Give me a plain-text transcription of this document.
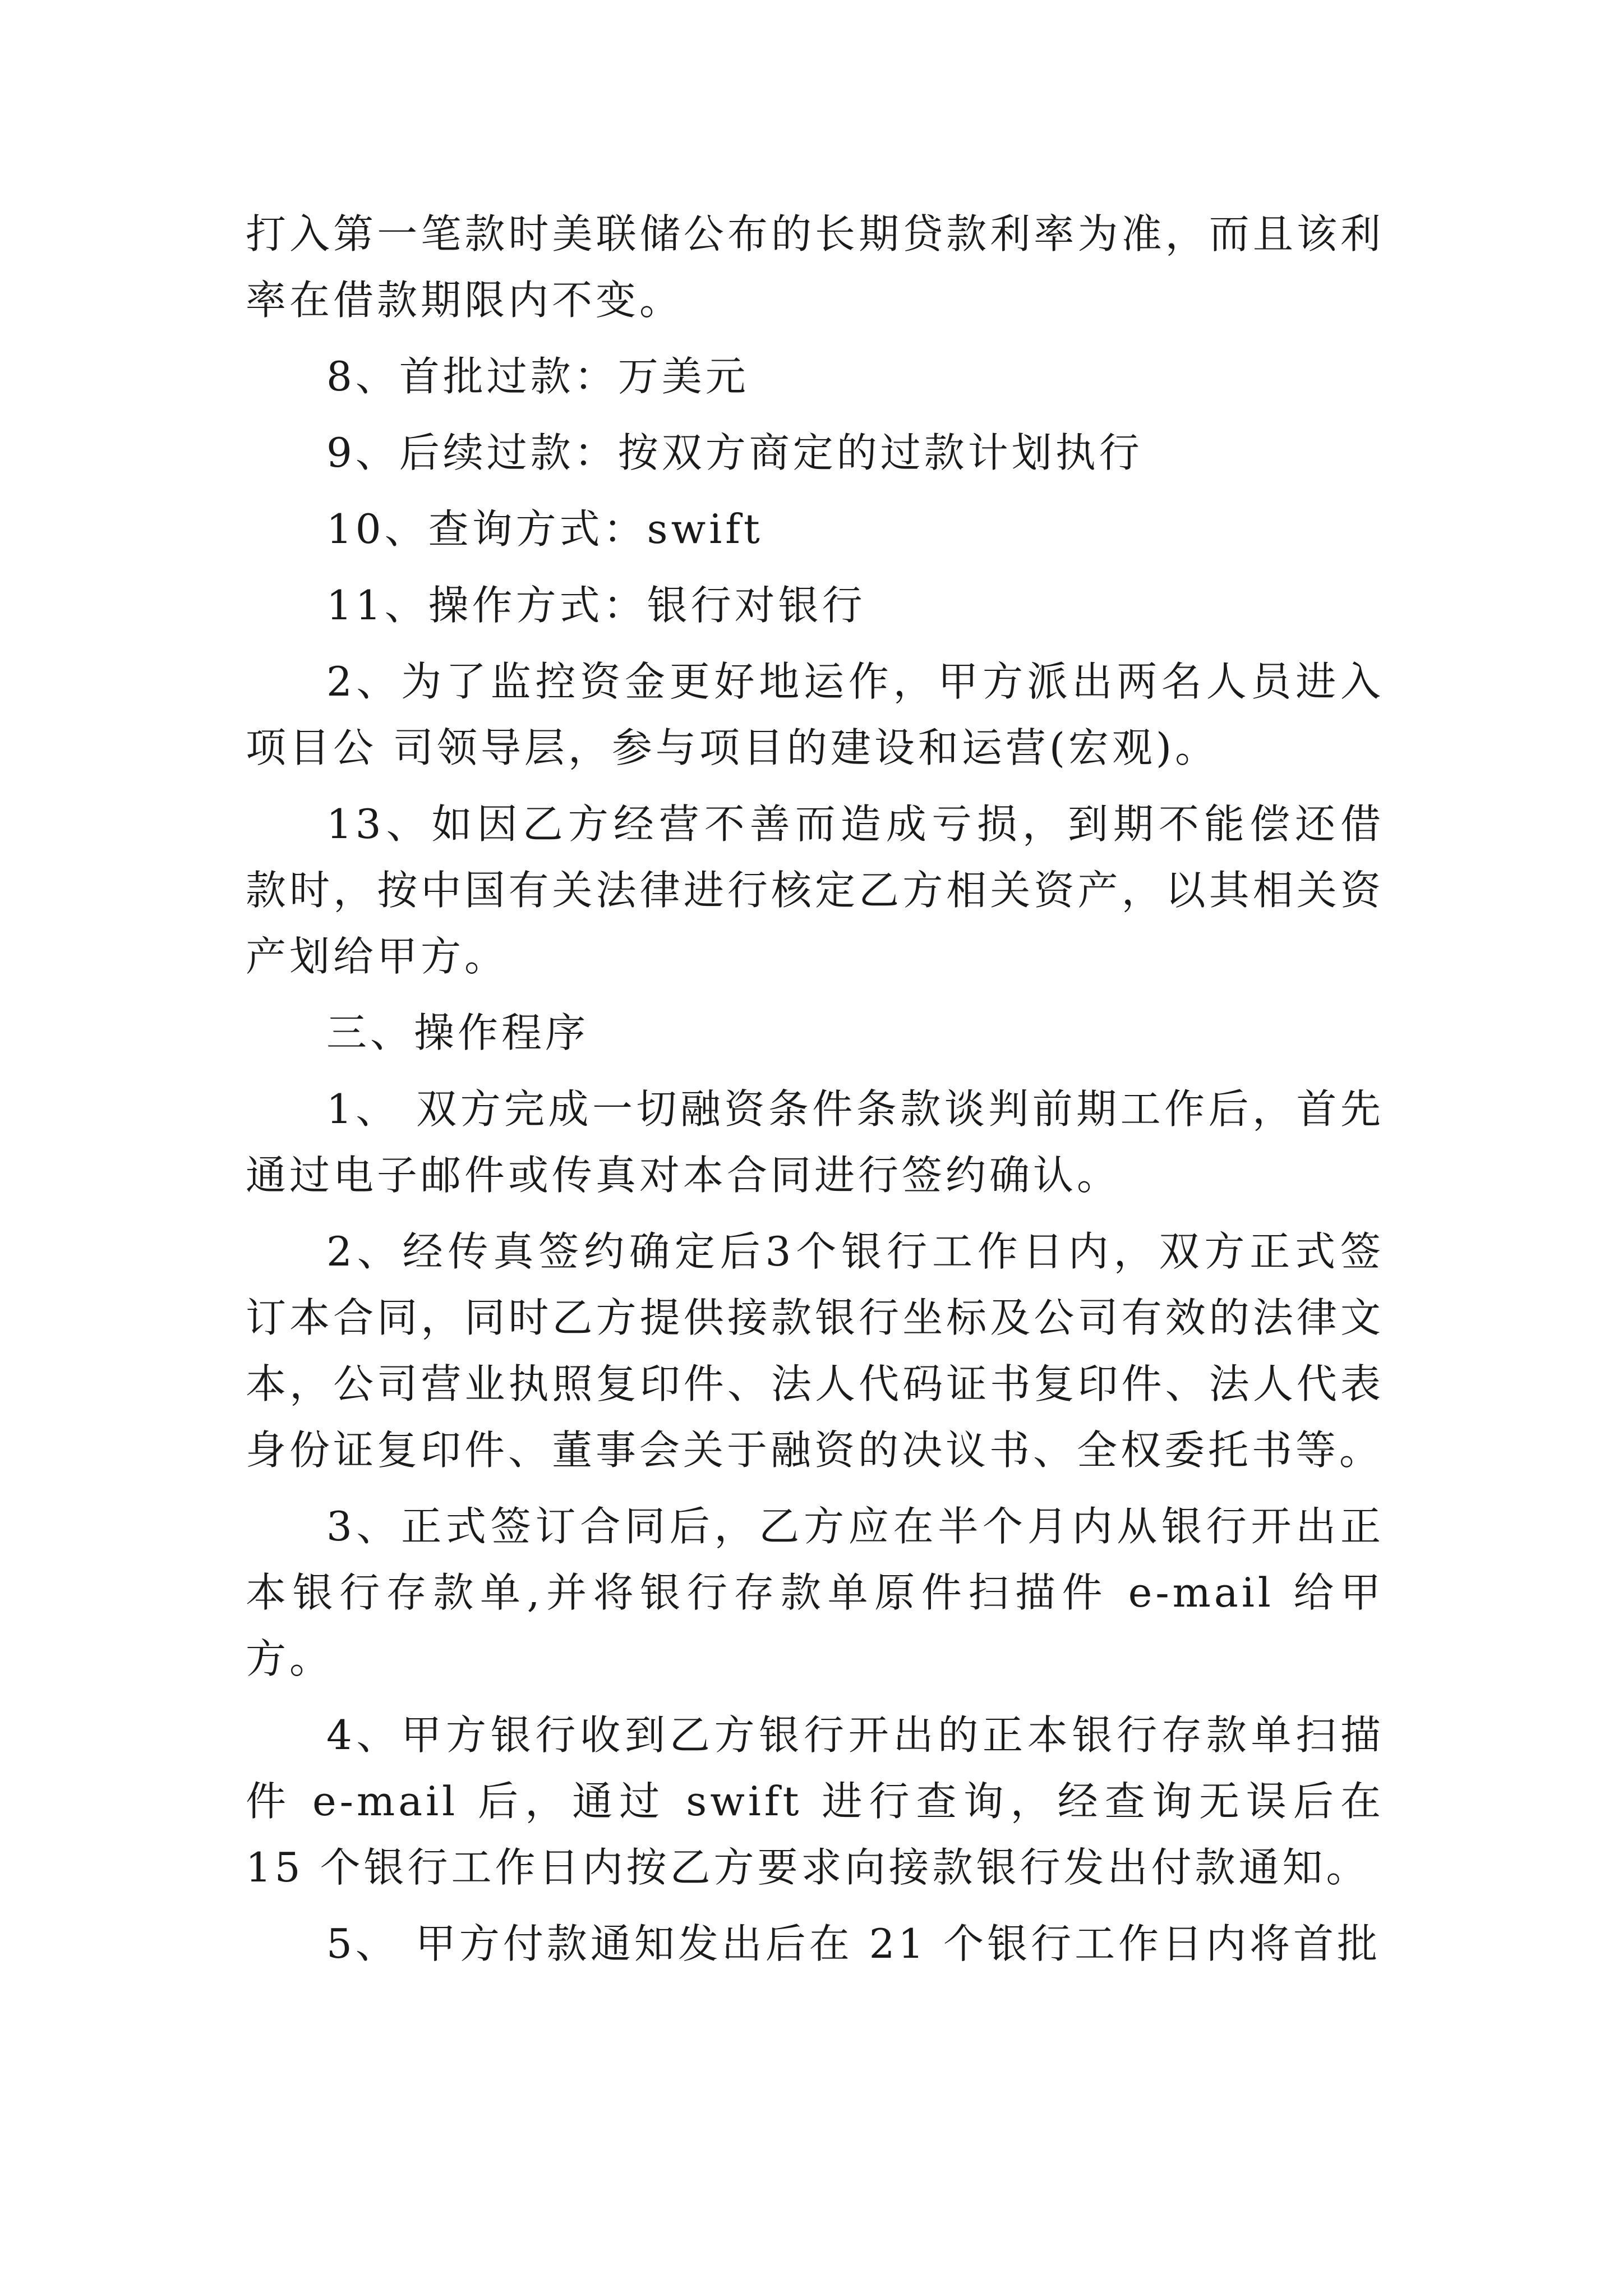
打入第一笔款时美联储公布的长期贷款利率为准，而且该利率在借款期限内不变。

8、首批过款：万美元

9、后续过款：按双方商定的过款计划执行

10、查询方式：swift

11、操作方式：银行对银行

2、为了监控资金更好地运作，甲方派出两名人员进入项目公 司领导层，参与项目的建设和运营(宏观)。

13、如因乙方经营不善而造成亏损，到期不能偿还借款时，按中国有关法律进行核定乙方相关资产，以其相关资产划给甲方。

三、操作程序

1、 双方完成一切融资条件条款谈判前期工作后，首先通过电子邮件或传真对本合同进行签约确认。

2、经传真签约确定后3个银行工作日内，双方正式签订本合同，同时乙方提供接款银行坐标及公司有效的法律文本，公司营业执照复印件、法人代码证书复印件、法人代表身份证复印件、董事会关于融资的决议书、全权委托书等。

3、正式签订合同后，乙方应在半个月内从银行开出正本银行存款单,并将银行存款单原件扫描件 e-mail 给甲方。

4、甲方银行收到乙方银行开出的正本银行存款单扫描件 e-mail 后，通过 swift 进行查询，经查询无误后在 15 个银行工作日内按乙方要求向接款银行发出付款通知。

5、 甲方付款通知发出后在 21 个银行工作日内将首批
